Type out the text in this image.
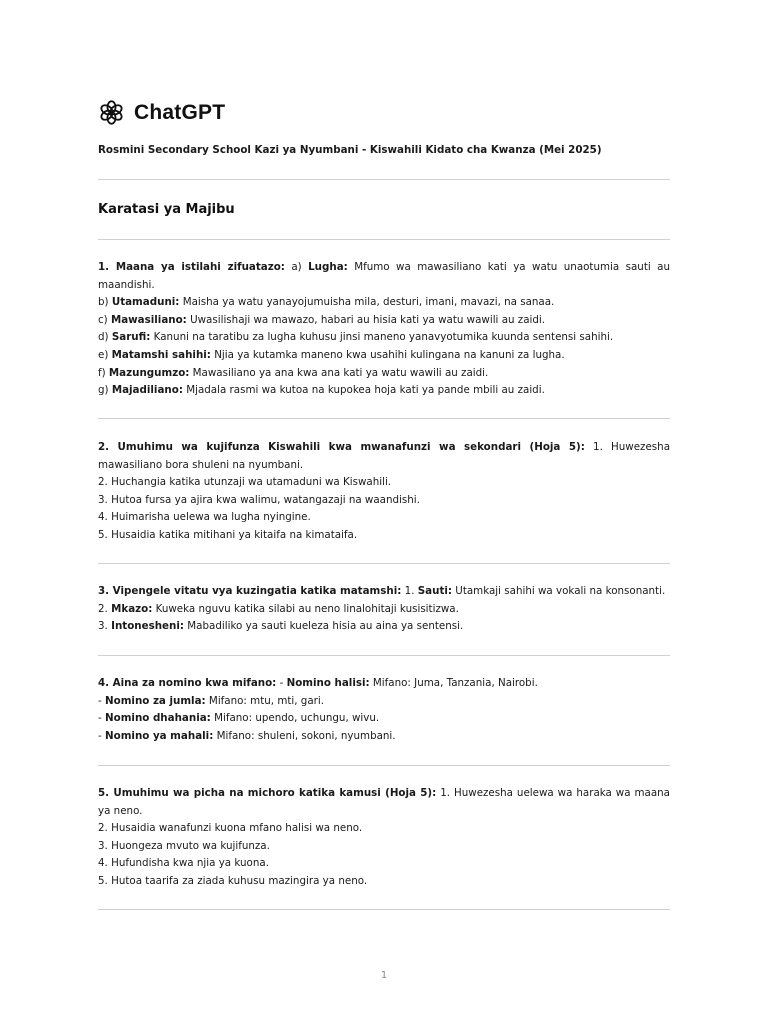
ChatGPT
Rosmini Secondary School Kazi ya Nyumbani - Kiswahili Kidato cha Kwanza (Mei 2025)
Karatasi ya Majibu

1. Maana ya istilahi zifuatazo: a) Lugha: Mfumo wa mawasiliano kati ya watu unaotumia sauti au maandishi.

b) Utamaduni: Maisha ya watu yanayojumuisha mila, desturi, imani, mavazi, na sanaa.

c) Mawasiliano: Uwasilishaji wa mawazo, habari au hisia kati ya watu wawili au zaidi.

d) Sarufi: Kanuni na taratibu za lugha kuhusu jinsi maneno yanavyotumika kuunda sentensi sahihi.

e) Matamshi sahihi: Njia ya kutamka maneno kwa usahihi kulingana na kanuni za lugha.

f) Mazungumzo: Mawasiliano ya ana kwa ana kati ya watu wawili au zaidi.

g) Majadiliano: Mjadala rasmi wa kutoa na kupokea hoja kati ya pande mbili au zaidi.

2. Umuhimu wa kujifunza Kiswahili kwa mwanafunzi wa sekondari (Hoja 5): 1. Huwezesha mawasiliano bora shuleni na nyumbani.

2. Huchangia katika utunzaji wa utamaduni wa Kiswahili.

3. Hutoa fursa ya ajira kwa walimu, watangazaji na waandishi.

4. Huimarisha uelewa wa lugha nyingine.

5. Husaidia katika mitihani ya kitaifa na kimataifa.

3. Vipengele vitatu vya kuzingatia katika matamshi: 1. Sauti: Utamkaji sahihi wa vokali na konsonanti.

2. Mkazo: Kuweka nguvu katika silabi au neno linalohitaji kusisitizwa.

3. Intonesheni: Mabadiliko ya sauti kueleza hisia au aina ya sentensi.

4. Aina za nomino kwa mifano: - Nomino halisi: Mifano: Juma, Tanzania, Nairobi.

- Nomino za jumla: Mifano: mtu, mti, gari.

- Nomino dhahania: Mifano: upendo, uchungu, wivu.

- Nomino ya mahali: Mifano: shuleni, sokoni, nyumbani.

5. Umuhimu wa picha na michoro katika kamusi (Hoja 5): 1. Huwezesha uelewa wa haraka wa maana ya neno.

2. Husaidia wanafunzi kuona mfano halisi wa neno.

3. Huongeza mvuto wa kujifunza.

4. Hufundisha kwa njia ya kuona.

5. Hutoa taarifa za ziada kuhusu mazingira ya neno.

1
